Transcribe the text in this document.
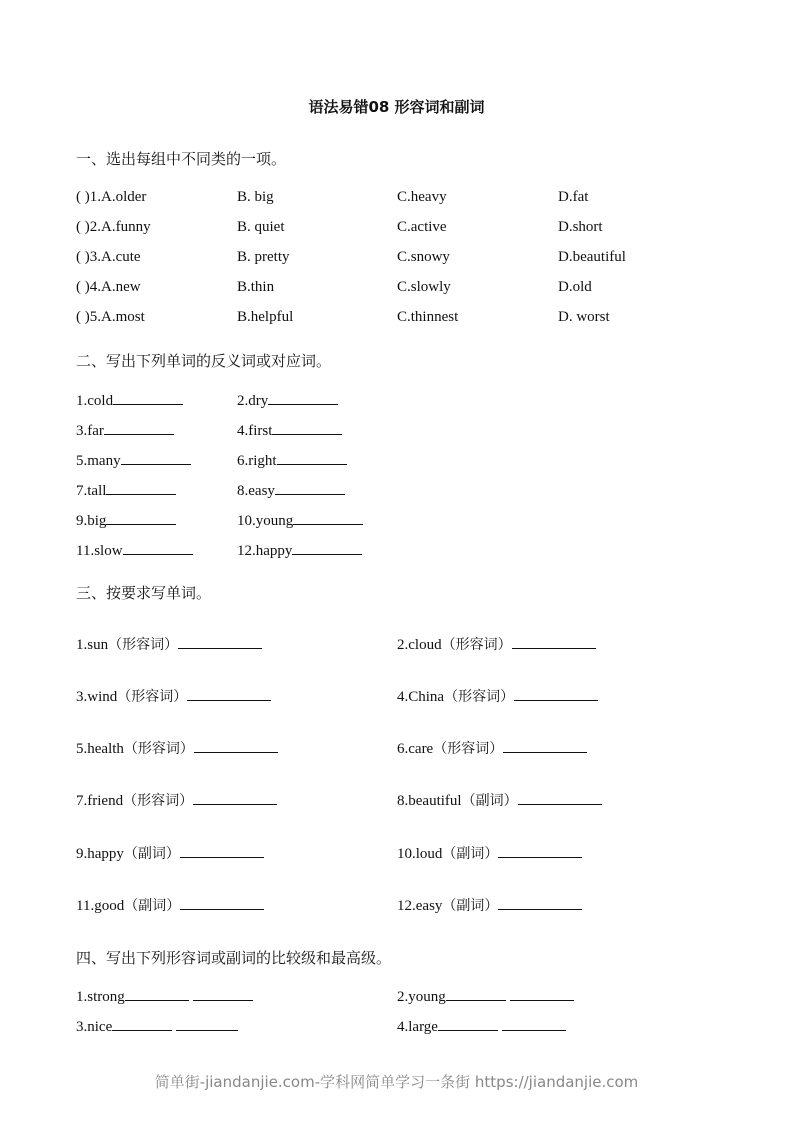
语法易错08 形容词和副词
一、选出每组中不同类的一项。
( )1.A.older	B. big	C.heavy	D.fat
( )2.A.funny	B. quiet	C.active	D.short
( )3.A.cute	B. pretty	C.snowy	D.beautiful
( )4.A.new	B.thin	C.slowly	D.old
( )5.A.most	B.helpful	C.thinnest	D. worst
二、写出下列单词的反义词或对应词。
1.cold	2.dry
3.far	4.first
5.many	6.right
7.tall	8.easy
9.big	10.young
11.slow	12.happy
三、按要求写单词。
1.sun（形容词）	2.cloud（形容词）
3.wind（形容词）	4.China（形容词）
5.health（形容词）	6.care（形容词）
7.friend（形容词）	8.beautiful（副词）
9.happy（副词）	10.loud（副词）
11.good（副词）	12.easy（副词）
四、写出下列形容词或副词的比较级和最高级。
1.strong	2.young
3.nice	4.large
简单街-jiandanjie.com-学科网简单学习一条街 https://jiandanjie.com
